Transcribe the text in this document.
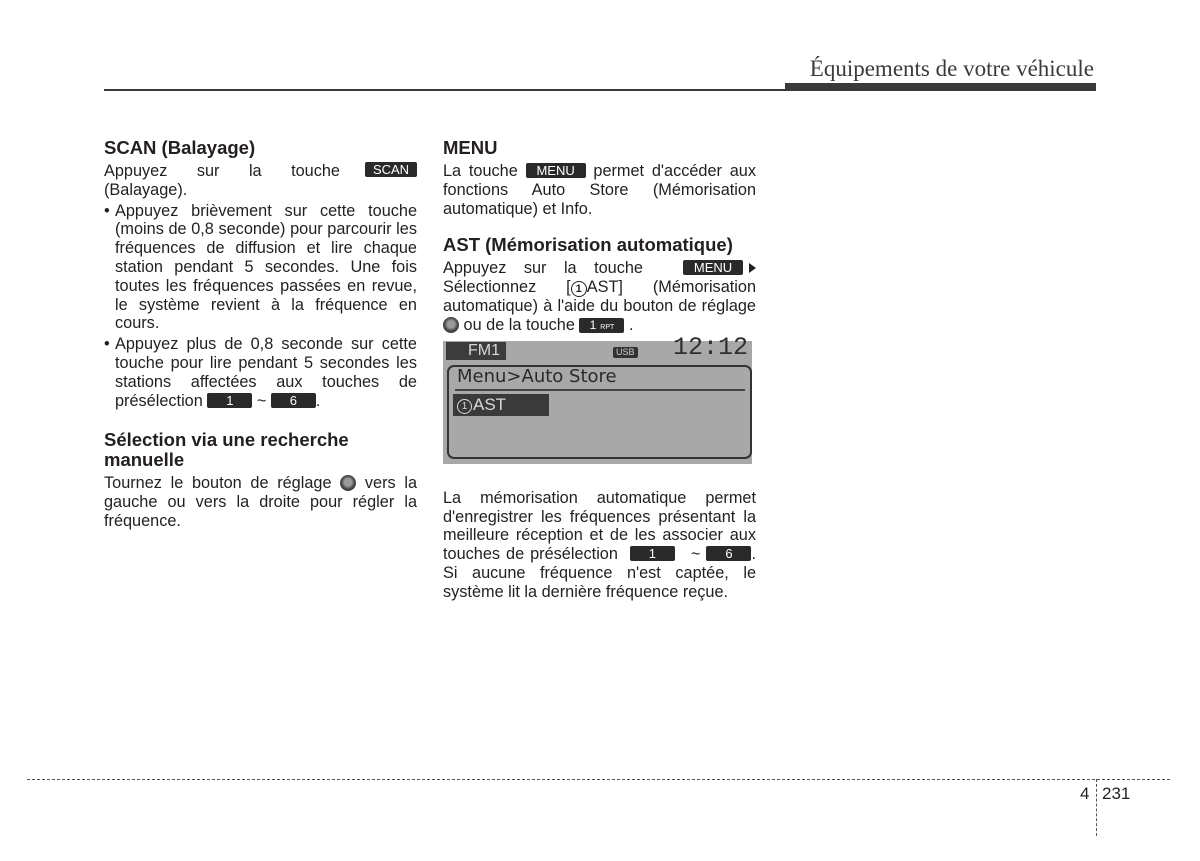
Équipements de votre véhicule
SCAN (Balayage)

Appuyez sur la touche	SCAN

(Balayage).

• Appuyez brièvement sur cette touche (moins de 0,8 seconde) pour parcourir les fréquences de diffusion et lire chaque station pendant 5 secondes. Une fois toutes les fréquences passées en revue, le système revient à la fréquence en cours.
• Appuyez plus de 0,8 seconde sur cette touche pour lire pendant 5 secondes les stations affectées aux touches de présélection 1 ~ 6 .
Sélection via une recherche manuelle

Tournez le bouton de réglage vers la gauche ou vers la droite pour régler la fréquence.

MENU

La touche MENU permet d'accéder aux fonctions Auto Store (Mémorisation automatique) et Info.

AST (Mémorisation automatique)

Appuyez sur la touche	MENU

Sélectionnez [ 1 AST] (Mémorisation automatique) à l'aide du bouton de réglage  ou de la touche 1 RPT .

FM1	USB 12:12
Menu>Auto Store
1 AST

La mémorisation automatique permet d'enregistrer les fréquences présentant la meilleure réception et de les associer aux touches de présélection 1 ~ 6 . Si aucune fréquence n'est captée, le système lit la dernière fréquence reçue.

4 231
